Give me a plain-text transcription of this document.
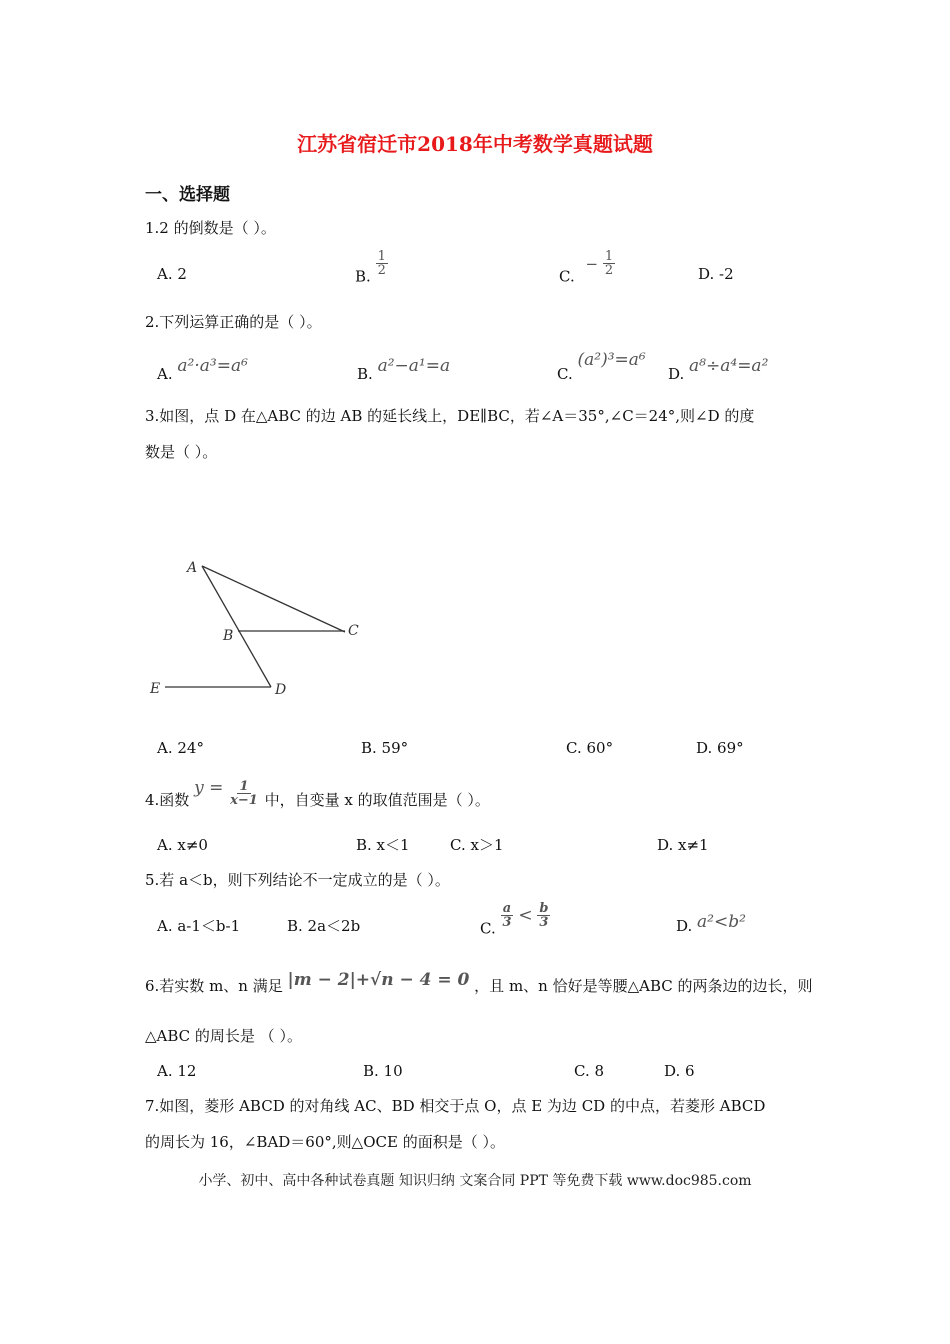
江苏省宿迁市2018年中考数学真题试题
一、选择题
1.2 的倒数是（ ）。
A. 2	B. $\frac{1}{2}$	C. − $\frac{1}{2}$	D. -2
2.下列运算正确的是（ ）。
A. a²·a³=a⁶	B. a²−a¹=a	C. (a²)³=a⁶
D. a⁸÷a⁴=a²
3.如图，点 D 在△ABC 的边 AB 的延长线上，DE∥BC，若∠A＝35°,∠C＝24°,则∠D 的度
数是（ ）。
A
B	C
D
E
A. 24°	B. 59°	C. 60°	D. 69°
4.函数 $y = \frac{1}{x-1}$ 中，自变量 x 的取值范围是（ ）。
A. x≠0	B. x＜1	C. x＞1	D. x≠1
5.若 a＜b，则下列结论不一定成立的是（ ）。
A. a-1＜b-1	B. 2a＜2b	C. $\frac{a}{3} < \frac{b}{3}$	D. a²<b²
6.若实数 m、n 满足 |m − 2|+√n − 4 = 0 ，且 m、n 恰好是等腰△ABC 的两条边的边长，则
△ABC 的周长是 （ ）。
A. 12	B. 10	C. 8	D. 6
7.如图，菱形 ABCD 的对角线 AC、BD 相交于点 O，点 E 为边 CD 的中点，若菱形 ABCD
的周长为 16，∠BAD＝60°,则△OCE 的面积是（ ）。
小学、初中、高中各种试卷真题 知识归纳 文案合同 PPT 等免费下载 www.doc985.com
